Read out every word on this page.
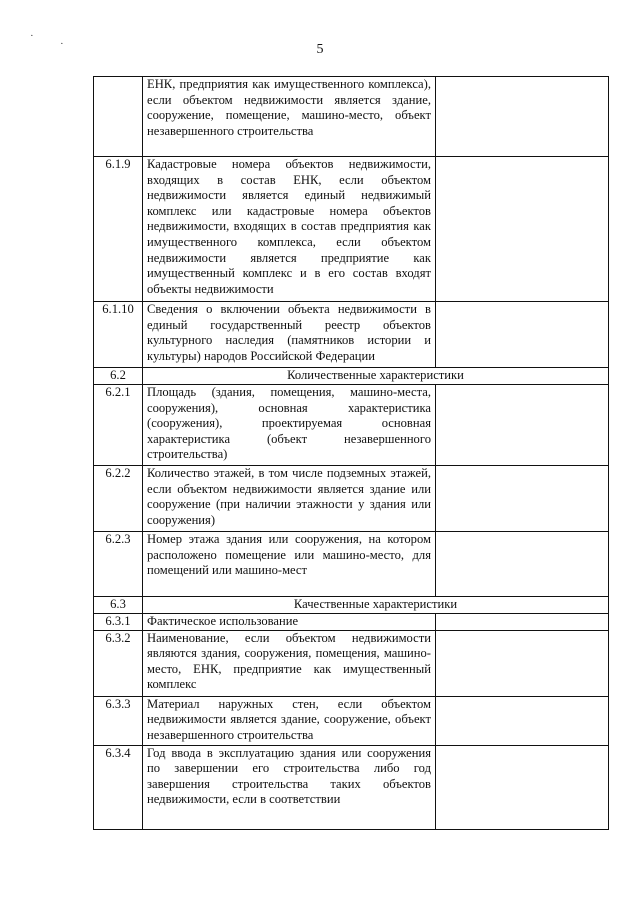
·
·	5
	ЕНК, предприятия как имущественного комплекса), если объектом недвижимости является здание, сооружение, помещение, машино-место, объект незавершенного строительства	
6.1.9	Кадастровые номера объектов недвижимости, входящих в состав ЕНК, если объектом недвижимости является единый недвижимый комплекс или кадастровые номера объектов недвижимости, входящих в состав предприятия как имущественного комплекса, если объектом недвижимости является предприятие как имущественный комплекс и в его состав входят объекты недвижимости	
6.1.10	Сведения о включении объекта недвижимости в единый государственный реестр объектов культурного наследия (памятников истории и культуры) народов Российской Федерации	
6.2	Количественные характеристики	
6.2.1	Площадь (здания, помещения, машино-места, сооружения), основная характеристика (сооружения), проектируемая основная характеристика (объект незавершенного строительства)	
6.2.2	Количество этажей, в том числе подземных этажей, если объектом недвижимости является здание или сооружение (при наличии этажности у здания или сооружения)	
6.2.3	Номер этажа здания или сооружения, на котором расположено помещение или машино-место, для помещений или машино-мест	
6.3	Качественные характеристики	
6.3.1	Фактическое использование	
6.3.2	Наименование, если объектом недвижимости являются здания, сооружения, помещения, машино-место, ЕНК, предприятие как имущественный комплекс	
6.3.3	Материал наружных стен, если объектом недвижимости является здание, сооружение, объект незавершенного строительства	
6.3.4	Год ввода в эксплуатацию здания или сооружения по завершении его строительства либо год завершения строительства таких объектов недвижимости, если в соответствии	
